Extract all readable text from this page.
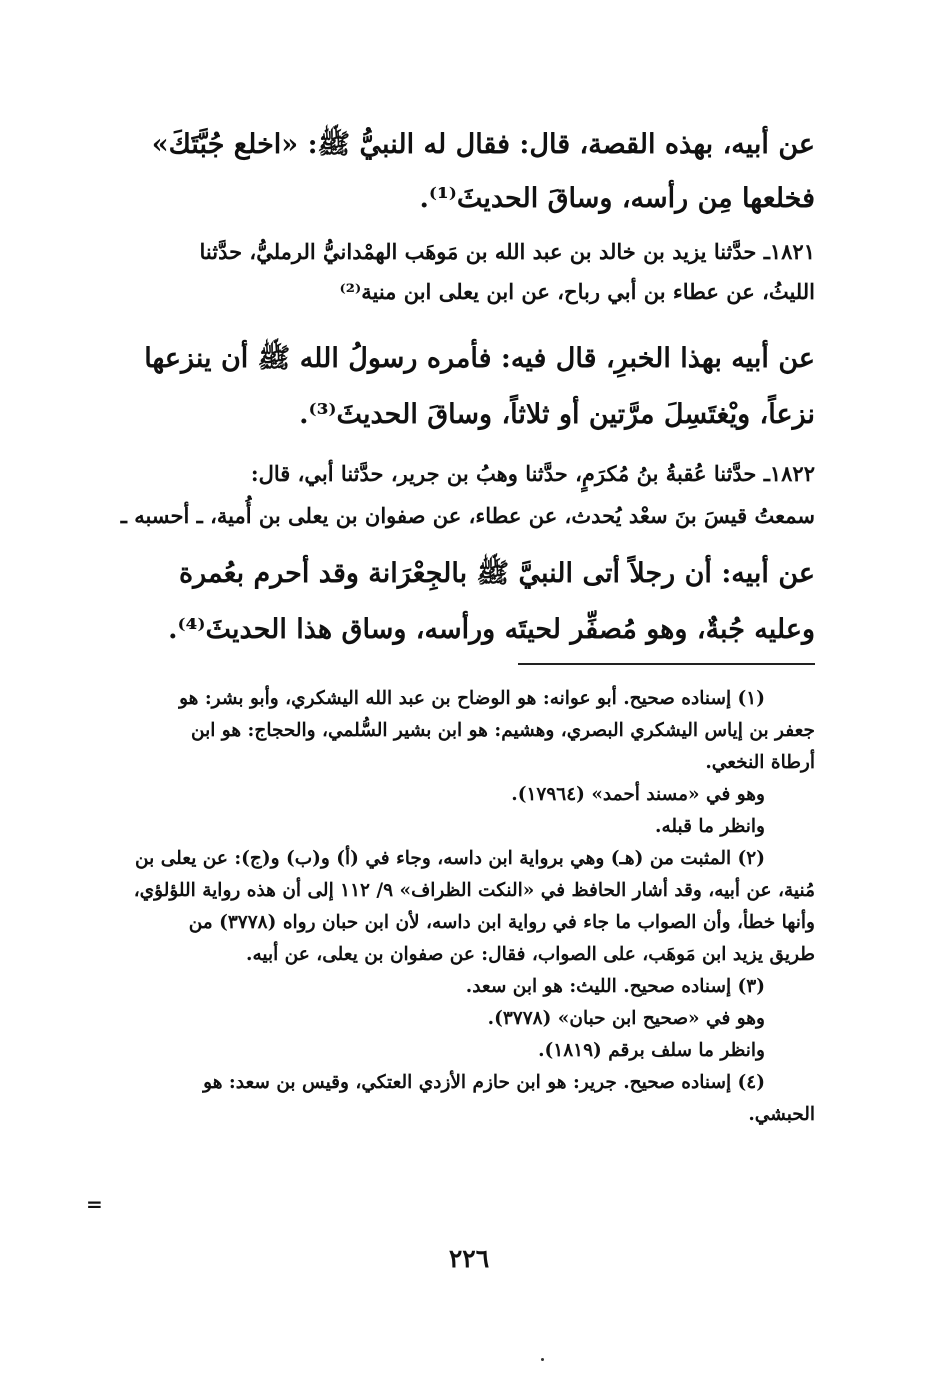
عن أبيه، بهذه القصة، قال: فقال له النبيُّ ﷺ: «اخلع جُبَّتَكَ»
فخلعها مِن رأسه، وساقَ الحديثَ⁽¹⁾.
١٨٢١ـ حدَّثنا يزيد بن خالد بن عبد الله بن مَوهَب الهمْدانيُّ الرمليُّ، حدَّثنا
الليثُ، عن عطاء بن أبي رباح، عن ابن يعلى ابن منية⁽²⁾
عن أبيه بهذا الخبرِ، قال فيه: فأمره رسولُ الله ﷺ أن ينزعها
نزعاً، ويْغتَسِلَ مرَّتين أو ثلاثاً، وساقَ الحديثَ⁽³⁾.
١٨٢٢ـ حدَّثنا عُقبةُ بنُ مُكرَمٍ، حدَّثنا وهبُ بن جرير، حدَّثنا أبي، قال:
سمعتُ قيسَ بنَ سعْد يُحدث، عن عطاء، عن صفوان بن يعلى بن أُمية، ـ أحسبه ـ
عن أبيه: أن رجلاً أتى النبيَّ ﷺ بالجِعْرَانة وقد أحرم بعُمرة
وعليه جُبةٌ، وهو مُصفِّر لحيتَه ورأسه، وساق هذا الحديثَ⁽⁴⁾.
(١) إسناده صحيح. أبو عوانه: هو الوضاح بن عبد الله اليشكري، وأبو بشر: هو
جعفر بن إياس اليشكري البصري، وهشيم: هو ابن بشير السُّلمي، والحجاج: هو ابن
أرطاة النخعي.
وهو في «مسند أحمد» (١٧٩٦٤).
وانظر ما قبله.
(٢) المثبت من (هـ) وهي برواية ابن داسه، وجاء في (أ) و(ب) و(ج): عن يعلى بن
مُنية، عن أبيه، وقد أشار الحافظ في «النكت الظراف» ٩/ ١١٢ إلى أن هذه رواية اللؤلؤي،
وأنها خطأ، وأن الصواب ما جاء في رواية ابن داسه، لأن ابن حبان رواه (٣٧٧٨) من
طريق يزيد ابن مَوهَب، على الصواب، فقال: عن صفوان بن يعلى، عن أبيه.
(٣) إسناده صحيح. الليث: هو ابن سعد.
وهو في «صحيح ابن حبان» (٣٧٧٨).
وانظر ما سلف برقم (١٨١٩).
(٤) إسناده صحيح. جرير: هو ابن حازم الأزدي العتكي، وقيس بن سعد: هو
الحبشي.
=
٢٢٦
